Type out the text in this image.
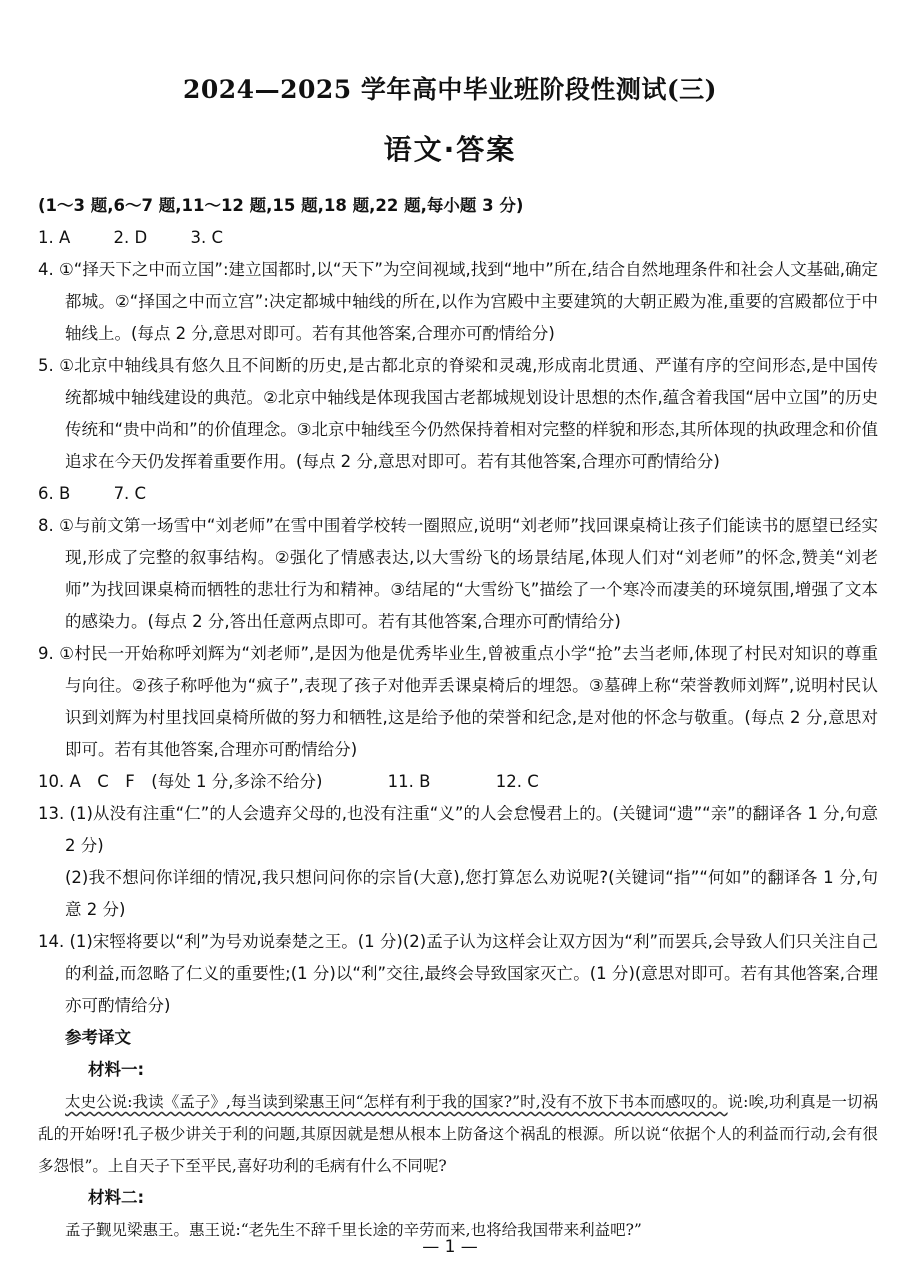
2024—2025 学年高中毕业班阶段性测试(三)
语文·答案
(1～3 题,6～7 题,11～12 题,15 题,18 题,22 题,每小题 3 分)
1. A	2. D	3. C
4. ①“择天下之中而立国”:建立国都时,以“天下”为空间视域,找到“地中”所在,结合自然地理条件和社会人文基础,确定都城。②“择国之中而立宫”:决定都城中轴线的所在,以作为宫殿中主要建筑的大朝正殿为准,重要的宫殿都位于中轴线上。(每点 2 分,意思对即可。若有其他答案,合理亦可酌情给分)
5. ①北京中轴线具有悠久且不间断的历史,是古都北京的脊梁和灵魂,形成南北贯通、严谨有序的空间形态,是中国传统都城中轴线建设的典范。②北京中轴线是体现我国古老都城规划设计思想的杰作,蕴含着我国“居中立国”的历史传统和“贵中尚和”的价值理念。③北京中轴线至今仍然保持着相对完整的样貌和形态,其所体现的执政理念和价值追求在今天仍发挥着重要作用。(每点 2 分,意思对即可。若有其他答案,合理亦可酌情给分)
6. B	7. C
8. ①与前文第一场雪中“刘老师”在雪中围着学校转一圈照应,说明“刘老师”找回课桌椅让孩子们能读书的愿望已经实现,形成了完整的叙事结构。②强化了情感表达,以大雪纷飞的场景结尾,体现人们对“刘老师”的怀念,赞美“刘老师”为找回课桌椅而牺牲的悲壮行为和精神。③结尾的“大雪纷飞”描绘了一个寒冷而凄美的环境氛围,增强了文本的感染力。(每点 2 分,答出任意两点即可。若有其他答案,合理亦可酌情给分)
9. ①村民一开始称呼刘辉为“刘老师”,是因为他是优秀毕业生,曾被重点小学“抢”去当老师,体现了村民对知识的尊重与向往。②孩子称呼他为“疯子”,表现了孩子对他弄丢课桌椅后的埋怨。③墓碑上称“荣誉教师刘辉”,说明村民认识到刘辉为村里找回桌椅所做的努力和牺牲,这是给予他的荣誉和纪念,是对他的怀念与敬重。(每点 2 分,意思对即可。若有其他答案,合理亦可酌情给分)
10. A　C　F　(每处 1 分,多涂不给分)	11. B	12. C
13. (1)从没有注重“仁”的人会遗弃父母的,也没有注重“义”的人会怠慢君上的。(关键词“遗”“亲”的翻译各 1 分,句意 2 分)
(2)我不想问你详细的情况,我只想问问你的宗旨(大意),您打算怎么劝说呢?(关键词“指”“何如”的翻译各 1 分,句意 2 分)
14. (1)宋牼将要以“利”为号劝说秦楚之王。(1 分)(2)孟子认为这样会让双方因为“利”而罢兵,会导致人们只关注自己的利益,而忽略了仁义的重要性;(1 分)以“利”交往,最终会导致国家灭亡。(1 分)(意思对即可。若有其他答案,合理亦可酌情给分)
参考译文
材料一:
太史公说:我读《孟子》,每当读到梁惠王问“怎样有利于我的国家?”时,没有不放下书本而感叹的。说:唉,功利真是一切祸乱的开始呀!孔子极少讲关于利的问题,其原因就是想从根本上防备这个祸乱的根源。所以说“依据个人的利益而行动,会有很多怨恨”。上自天子下至平民,喜好功利的毛病有什么不同呢?
材料二:
孟子觐见梁惠王。惠王说:“老先生不辞千里长途的辛劳而来,也将给我国带来利益吧?”
— 1 —
